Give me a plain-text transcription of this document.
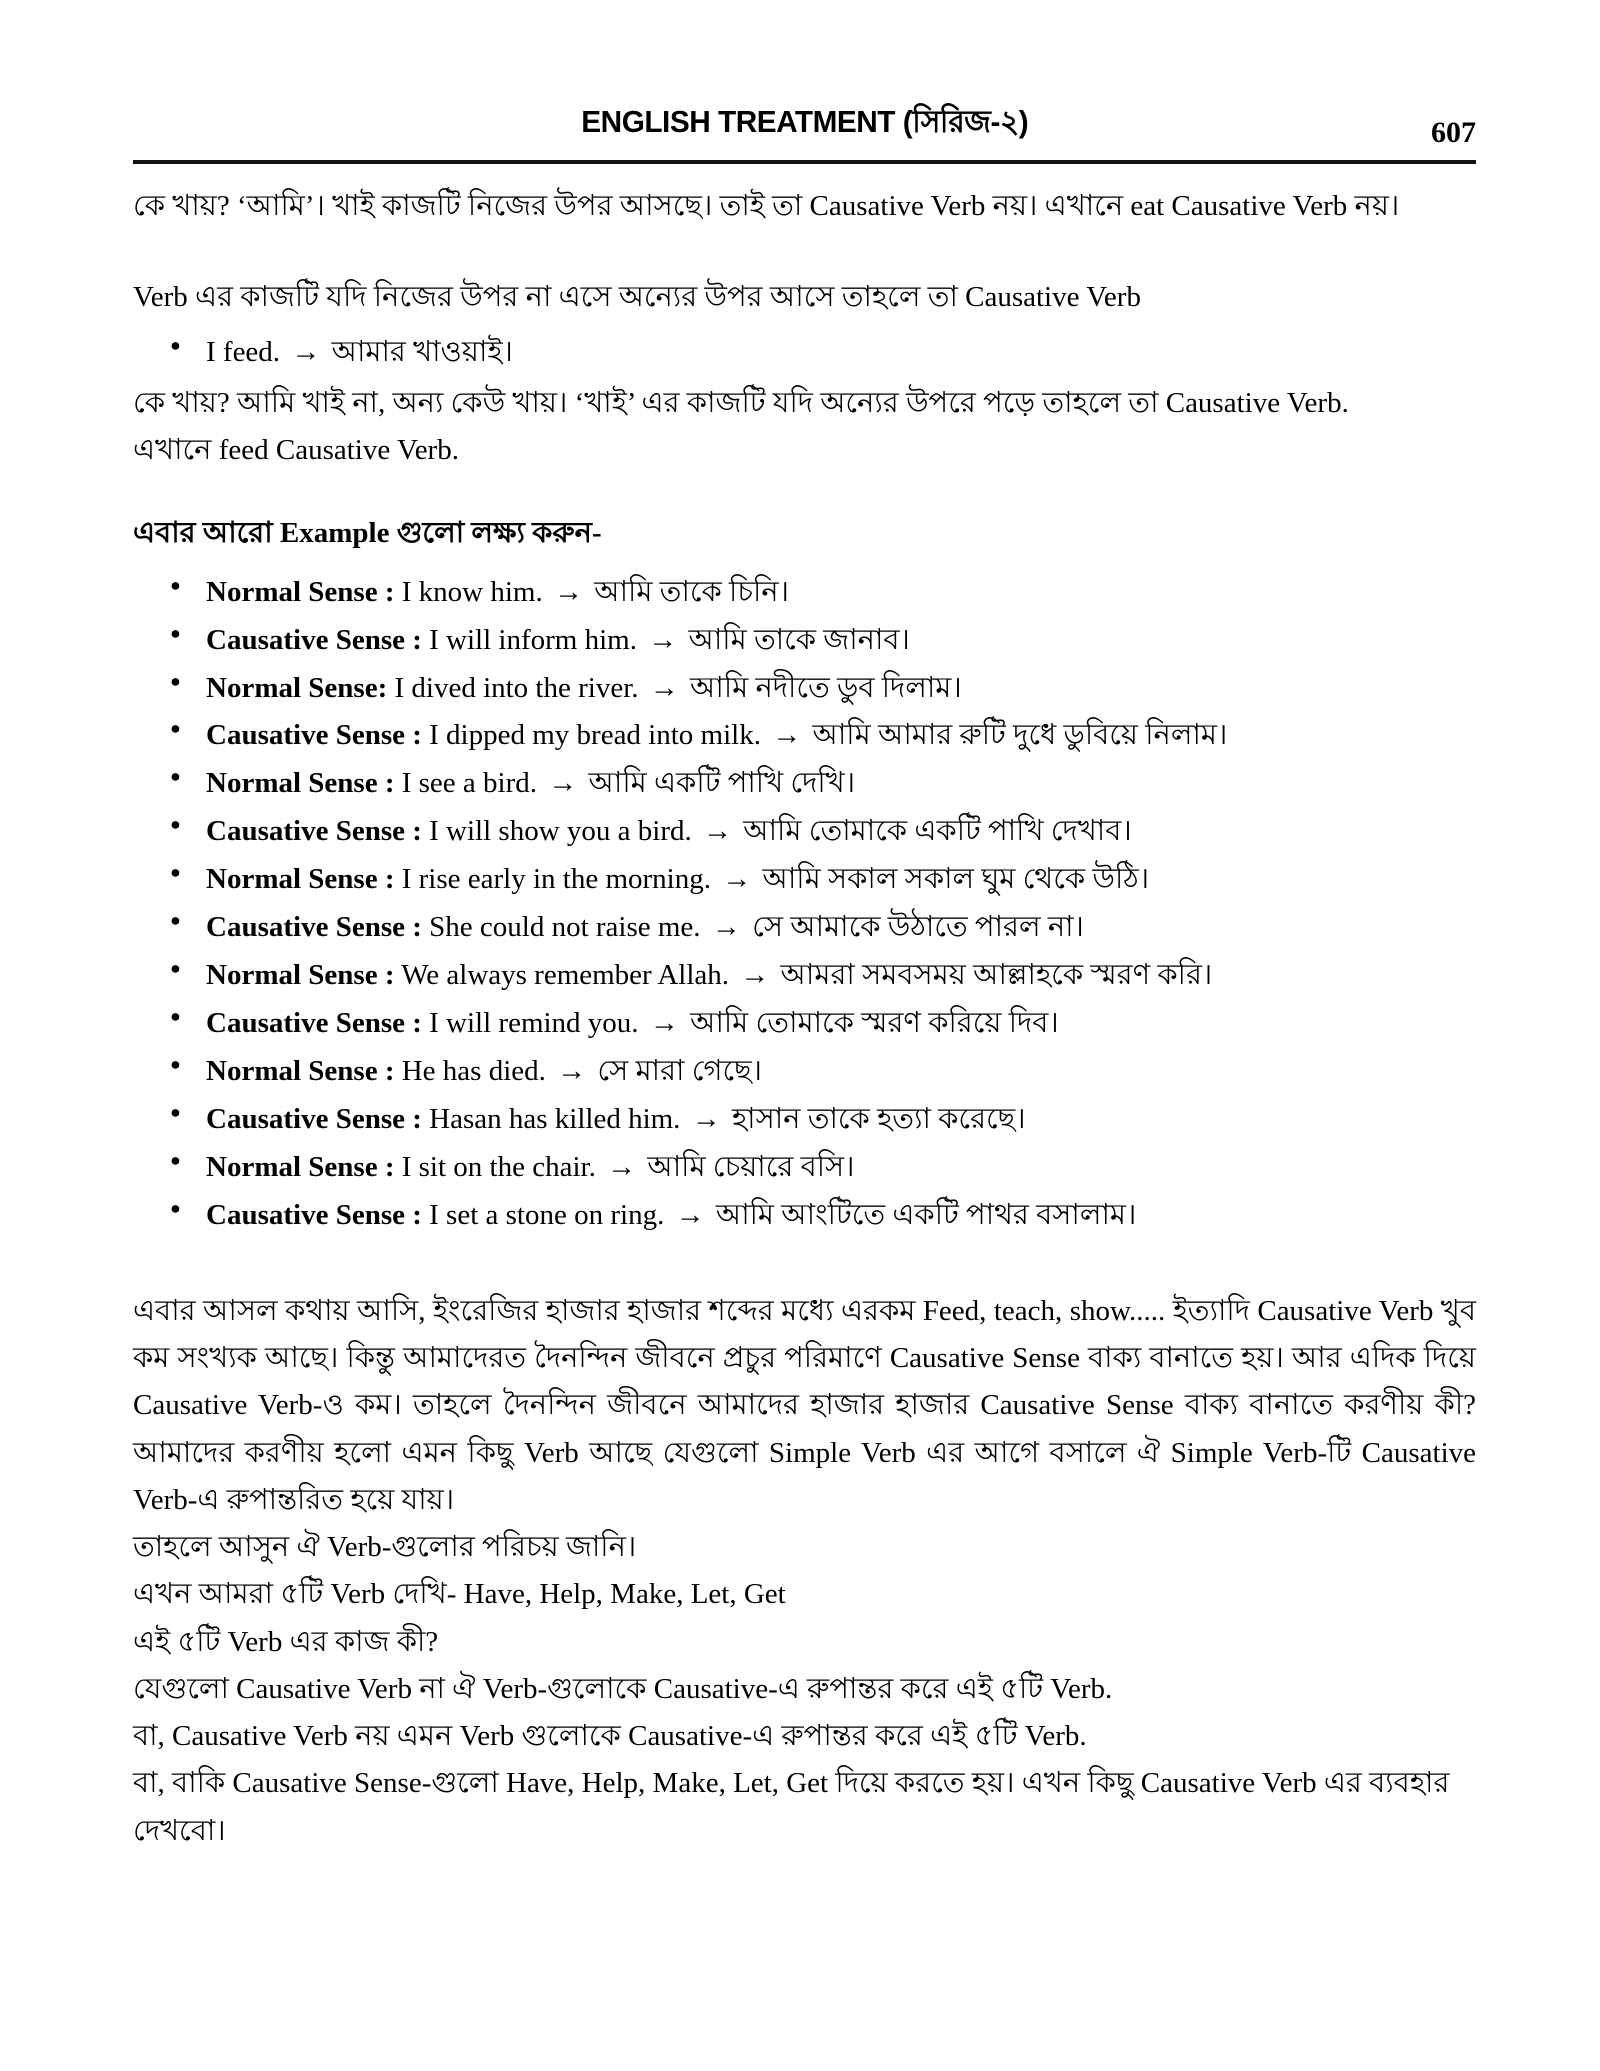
ENGLISH TREATMENT (সিরিজ-২)	607

কে খায়? ‘আমি’। খাই কাজটি নিজের উপর আসছে। তাই তা Causative Verb নয়। এখানে eat Causative Verb নয়।

Verb এর কাজটি যদি নিজের উপর না এসে অন্যের উপর আসে তাহলে তা Causative Verb

● I feed. → আমার খাওয়াই।

কে খায়? আমি খাই না, অন্য কেউ খায়। ‘খাই’ এর কাজটি যদি অন্যের উপরে পড়ে তাহলে তা Causative Verb.

এখানে feed Causative Verb.

এবার আরো Example গুলো লক্ষ্য করুন-

● Normal Sense : I know him. → আমি তাকে চিনি।
● Causative Sense : I will inform him. → আমি তাকে জানাব।
● Normal Sense: I dived into the river. → আমি নদীতে ডুব দিলাম।
● Causative Sense : I dipped my bread into milk. → আমি আমার রুটি দুধে ডুবিয়ে নিলাম।
● Normal Sense : I see a bird. → আমি একটি পাখি দেখি।
● Causative Sense : I will show you a bird. → আমি তোমাকে একটি পাখি দেখাব।
● Normal Sense : I rise early in the morning. → আমি সকাল সকাল ঘুম থেকে উঠি।
● Causative Sense : She could not raise me. → সে আমাকে উঠাতে পারল না।
● Normal Sense : We always remember Allah. → আমরা সমবসময় আল্লাহকে স্মরণ করি।
● Causative Sense : I will remind you. → আমি তোমাকে স্মরণ করিয়ে দিব।
● Normal Sense : He has died. → সে মারা গেছে।
● Causative Sense : Hasan has killed him. → হাসান তাকে হত্যা করেছে।
● Normal Sense : I sit on the chair. → আমি চেয়ারে বসি।
● Causative Sense : I set a stone on ring. → আমি আংটিতে একটি পাথর বসালাম।

এবার আসল কথায় আসি, ইংরেজির হাজার হাজার শব্দের মধ্যে এরকম Feed, teach, show..... ইত্যাদি Causative Verb খুব কম সংখ্যক আছে। কিন্তু আমাদেরত দৈনন্দিন জীবনে প্রচুর পরিমাণে Causative Sense বাক্য বানাতে হয়। আর এদিক দিয়ে Causative Verb-ও কম। তাহলে দৈনন্দিন জীবনে আমাদের হাজার হাজার Causative Sense বাক্য বানাতে করণীয় কী? আমাদের করণীয় হলো এমন কিছু Verb আছে যেগুলো Simple Verb এর আগে বসালে ঐ Simple Verb-টি Causative Verb-এ রুপান্তরিত হয়ে যায়।

তাহলে আসুন ঐ Verb-গুলোর পরিচয় জানি।

এখন আমরা ৫টি Verb দেখি- Have, Help, Make, Let, Get

এই ৫টি Verb এর কাজ কী?

যেগুলো Causative Verb না ঐ Verb-গুলোকে Causative-এ রুপান্তর করে এই ৫টি Verb.

বা, Causative Verb নয় এমন Verb গুলোকে Causative-এ রুপান্তর করে এই ৫টি Verb.

বা, বাকি Causative Sense-গুলো Have, Help, Make, Let, Get দিয়ে করতে হয়। এখন কিছু Causative Verb এর ব্যবহার দেখবো।
